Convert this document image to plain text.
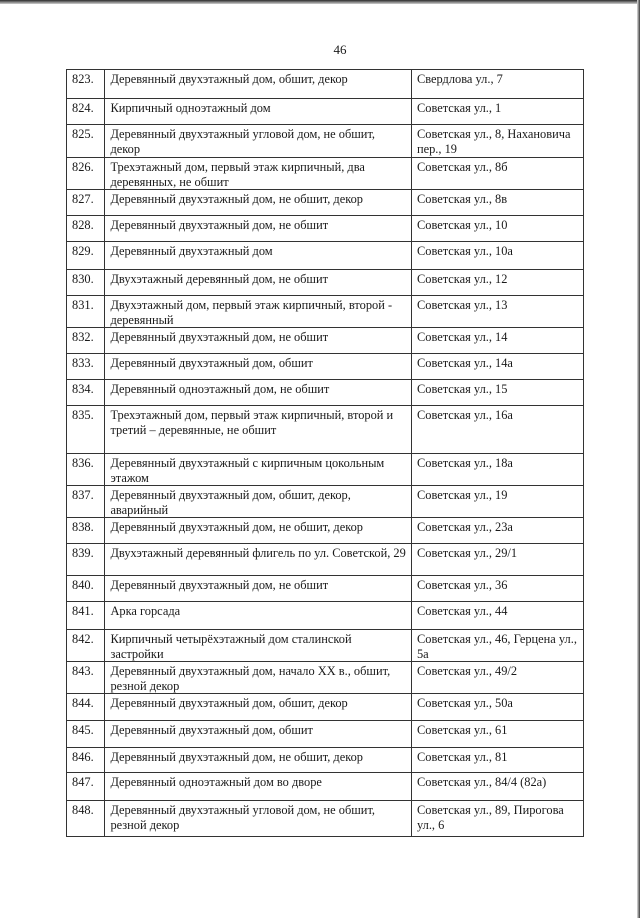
46
823.	Деревянный двухэтажный дом, обшит, декор	Свердлова ул., 7
824.	Кирпичный одноэтажный дом	Советская ул., 1
825.	Деревянный двухэтажный угловой дом, не обшит, декор	Советская ул., 8, Нахановича пер., 19
826.	Трехэтажный дом, первый этаж кирпичный, два деревянных, не обшит	Советская ул., 8б
827.	Деревянный двухэтажный дом, не обшит, декор	Советская ул., 8в
828.	Деревянный двухэтажный дом, не обшит	Советская ул., 10
829.	Деревянный двухэтажный дом	Советская ул., 10а
830.	Двухэтажный деревянный дом, не обшит	Советская ул., 12
831.	Двухэтажный дом, первый этаж кирпичный, второй - деревянный	Советская ул., 13
832.	Деревянный двухэтажный дом, не обшит	Советская ул., 14
833.	Деревянный двухэтажный дом, обшит	Советская ул., 14а
834.	Деревянный одноэтажный дом, не обшит	Советская ул., 15
835.	Трехэтажный дом, первый этаж кирпичный, второй и третий – деревянные, не обшит	Советская ул., 16а
836.	Деревянный двухэтажный с кирпичным цокольным этажом	Советская ул., 18а
837.	Деревянный двухэтажный дом, обшит, декор, аварийный	Советская ул., 19
838.	Деревянный двухэтажный дом, не обшит, декор	Советская ул., 23а
839.	Двухэтажный деревянный флигель по ул. Советской, 29	Советская ул., 29/1
840.	Деревянный двухэтажный дом, не обшит	Советская ул., 36
841.	Арка горсада	Советская ул., 44
842.	Кирпичный четырёхэтажный дом сталинской застройки	Советская ул., 46, Герцена ул., 5а
843.	Деревянный двухэтажный дом, начало XX в., обшит, резной декор	Советская ул., 49/2
844.	Деревянный двухэтажный дом, обшит, декор	Советская ул., 50а
845.	Деревянный двухэтажный дом, обшит	Советская ул., 61
846.	Деревянный двухэтажный дом, не обшит, декор	Советская ул., 81
847.	Деревянный одноэтажный дом во дворе	Советская ул., 84/4 (82а)
848.	Деревянный двухэтажный угловой дом, не обшит, резной декор	Советская ул., 89, Пирогова ул., 6
